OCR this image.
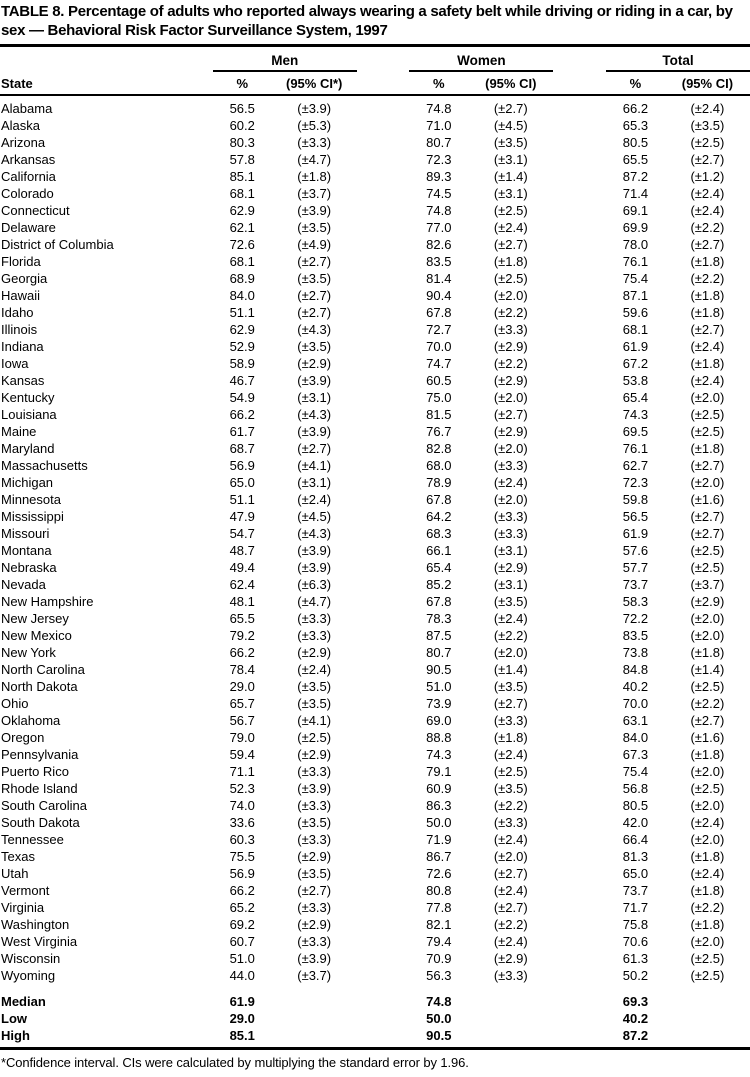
TABLE 8. Percentage of adults who reported always wearing a safety belt while driving or riding in a car, by sex — Behavioral Risk Factor Surveillance System, 1997
	Men			Women			Total	
State	%	(95% CI*)		%	(95% CI)		%	(95% CI)
Alabama	56.5	(±3.9)		74.8	(±2.7)		66.2	(±2.4)
Alaska	60.2	(±5.3)		71.0	(±4.5)		65.3	(±3.5)
Arizona	80.3	(±3.3)		80.7	(±3.5)		80.5	(±2.5)
Arkansas	57.8	(±4.7)		72.3	(±3.1)		65.5	(±2.7)
California	85.1	(±1.8)		89.3	(±1.4)		87.2	(±1.2)
Colorado	68.1	(±3.7)		74.5	(±3.1)		71.4	(±2.4)
Connecticut	62.9	(±3.9)		74.8	(±2.5)		69.1	(±2.4)
Delaware	62.1	(±3.5)		77.0	(±2.4)		69.9	(±2.2)
District of Columbia	72.6	(±4.9)		82.6	(±2.7)		78.0	(±2.7)
Florida	68.1	(±2.7)		83.5	(±1.8)		76.1	(±1.8)
Georgia	68.9	(±3.5)		81.4	(±2.5)		75.4	(±2.2)
Hawaii	84.0	(±2.7)		90.4	(±2.0)		87.1	(±1.8)
Idaho	51.1	(±2.7)		67.8	(±2.2)		59.6	(±1.8)
Illinois	62.9	(±4.3)		72.7	(±3.3)		68.1	(±2.7)
Indiana	52.9	(±3.5)		70.0	(±2.9)		61.9	(±2.4)
Iowa	58.9	(±2.9)		74.7	(±2.2)		67.2	(±1.8)
Kansas	46.7	(±3.9)		60.5	(±2.9)		53.8	(±2.4)
Kentucky	54.9	(±3.1)		75.0	(±2.0)		65.4	(±2.0)
Louisiana	66.2	(±4.3)		81.5	(±2.7)		74.3	(±2.5)
Maine	61.7	(±3.9)		76.7	(±2.9)		69.5	(±2.5)
Maryland	68.7	(±2.7)		82.8	(±2.0)		76.1	(±1.8)
Massachusetts	56.9	(±4.1)		68.0	(±3.3)		62.7	(±2.7)
Michigan	65.0	(±3.1)		78.9	(±2.4)		72.3	(±2.0)
Minnesota	51.1	(±2.4)		67.8	(±2.0)		59.8	(±1.6)
Mississippi	47.9	(±4.5)		64.2	(±3.3)		56.5	(±2.7)
Missouri	54.7	(±4.3)		68.3	(±3.3)		61.9	(±2.7)
Montana	48.7	(±3.9)		66.1	(±3.1)		57.6	(±2.5)
Nebraska	49.4	(±3.9)		65.4	(±2.9)		57.7	(±2.5)
Nevada	62.4	(±6.3)		85.2	(±3.1)		73.7	(±3.7)
New Hampshire	48.1	(±4.7)		67.8	(±3.5)		58.3	(±2.9)
New Jersey	65.5	(±3.3)		78.3	(±2.4)		72.2	(±2.0)
New Mexico	79.2	(±3.3)		87.5	(±2.2)		83.5	(±2.0)
New York	66.2	(±2.9)		80.7	(±2.0)		73.8	(±1.8)
North Carolina	78.4	(±2.4)		90.5	(±1.4)		84.8	(±1.4)
North Dakota	29.0	(±3.5)		51.0	(±3.5)		40.2	(±2.5)
Ohio	65.7	(±3.5)		73.9	(±2.7)		70.0	(±2.2)
Oklahoma	56.7	(±4.1)		69.0	(±3.3)		63.1	(±2.7)
Oregon	79.0	(±2.5)		88.8	(±1.8)		84.0	(±1.6)
Pennsylvania	59.4	(±2.9)		74.3	(±2.4)		67.3	(±1.8)
Puerto Rico	71.1	(±3.3)		79.1	(±2.5)		75.4	(±2.0)
Rhode Island	52.3	(±3.9)		60.9	(±3.5)		56.8	(±2.5)
South Carolina	74.0	(±3.3)		86.3	(±2.2)		80.5	(±2.0)
South Dakota	33.6	(±3.5)		50.0	(±3.3)		42.0	(±2.4)
Tennessee	60.3	(±3.3)		71.9	(±2.4)		66.4	(±2.0)
Texas	75.5	(±2.9)		86.7	(±2.0)		81.3	(±1.8)
Utah	56.9	(±3.5)		72.6	(±2.7)		65.0	(±2.4)
Vermont	66.2	(±2.7)		80.8	(±2.4)		73.7	(±1.8)
Virginia	65.2	(±3.3)		77.8	(±2.7)		71.7	(±2.2)
Washington	69.2	(±2.9)		82.1	(±2.2)		75.8	(±1.8)
West Virginia	60.7	(±3.3)		79.4	(±2.4)		70.6	(±2.0)
Wisconsin	51.0	(±3.9)		70.9	(±2.9)		61.3	(±2.5)
Wyoming	44.0	(±3.7)		56.3	(±3.3)		50.2	(±2.5)
Median	61.9			74.8			69.3	
Low	29.0			50.0			40.2	
High	85.1			90.5			87.2	
*Confidence interval. CIs were calculated by multiplying the standard error by 1.96.
